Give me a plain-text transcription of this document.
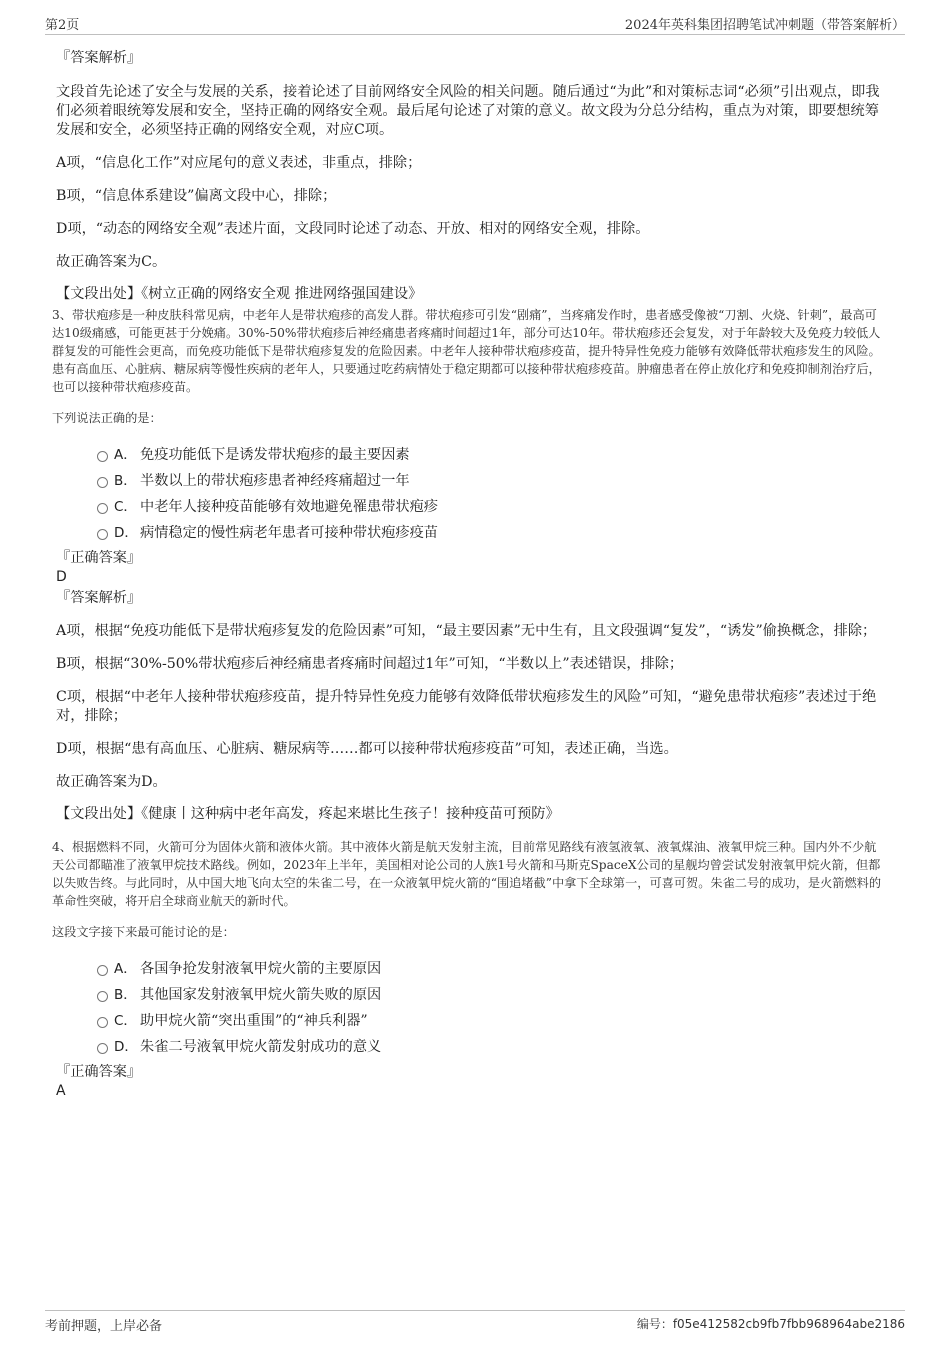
第2页	2024年英科集团招聘笔试冲刺题（带答案解析）

『答案解析』

文段首先论述了安全与发展的关系，接着论述了目前网络安全风险的相关问题。随后通过“为此”和对策标志词“必须”引出观点，即我们必须着眼统筹发展和安全，坚持正确的网络安全观。最后尾句论述了对策的意义。故文段为分总分结构，重点为对策，即要想统筹发展和安全，必须坚持正确的网络安全观，对应C项。

A项，“信息化工作”对应尾句的意义表述，非重点，排除；

B项，“信息体系建设”偏离文段中心，排除；

D项，“动态的网络安全观”表述片面，文段同时论述了动态、开放、相对的网络安全观，排除。

故正确答案为C。

【文段出处】《树立正确的网络安全观 推进网络强国建设》

3、带状疱疹是一种皮肤科常见病，中老年人是带状疱疹的高发人群。带状疱疹可引发“剧痛”，当疼痛发作时，患者感受像被“刀割、火烧、针刺”，最高可达10级痛感，可能更甚于分娩痛。30%-50%带状疱疹后神经痛患者疼痛时间超过1年，部分可达10年。带状疱疹还会复发，对于年龄较大及免疫力较低人群复发的可能性会更高，而免疫功能低下是带状疱疹复发的危险因素。中老年人接种带状疱疹疫苗，提升特异性免疫力能够有效降低带状疱疹发生的风险。患有高血压、心脏病、糖尿病等慢性疾病的老年人，只要通过吃药病情处于稳定期都可以接种带状疱疹疫苗。肿瘤患者在停止放化疗和免疫抑制剂治疗后，也可以接种带状疱疹疫苗。

下列说法正确的是：

A． 免疫功能低下是诱发带状疱疹的最主要因素
B． 半数以上的带状疱疹患者神经疼痛超过一年
C． 中老年人接种疫苗能够有效地避免罹患带状疱疹
D． 病情稳定的慢性病老年患者可接种带状疱疹疫苗

『正确答案』

D

『答案解析』

A项，根据“免疫功能低下是带状疱疹复发的危险因素”可知，“最主要因素”无中生有，且文段强调“复发”，“诱发”偷换概念，排除；

B项，根据“30%-50%带状疱疹后神经痛患者疼痛时间超过1年”可知，“半数以上”表述错误，排除；

C项，根据“中老年人接种带状疱疹疫苗，提升特异性免疫力能够有效降低带状疱疹发生的风险”可知，“避免患带状疱疹”表述过于绝对，排除；

D项，根据“患有高血压、心脏病、糖尿病等……都可以接种带状疱疹疫苗”可知，表述正确，当选。

故正确答案为D。

【文段出处】《健康丨这种病中老年高发，疼起来堪比生孩子！接种疫苗可预防》

4、根据燃料不同，火箭可分为固体火箭和液体火箭。其中液体火箭是航天发射主流，目前常见路线有液氢液氧、液氧煤油、液氧甲烷三种。国内外不少航天公司都瞄准了液氧甲烷技术路线。例如，2023年上半年，美国相对论公司的人族1号火箭和马斯克SpaceX公司的星舰均曾尝试发射液氧甲烷火箭，但都以失败告终。与此同时，从中国大地飞向太空的朱雀二号，在一众液氧甲烷火箭的“围追堵截”中拿下全球第一，可喜可贺。朱雀二号的成功，是火箭燃料的革命性突破，将开启全球商业航天的新时代。

这段文字接下来最可能讨论的是：

A． 各国争抢发射液氧甲烷火箭的主要原因
B． 其他国家发射液氧甲烷火箭失败的原因
C． 助甲烷火箭“突出重围”的“神兵利器”
D． 朱雀二号液氧甲烷火箭发射成功的意义

『正确答案』

A

考前押题，上岸必备	编号：f05e412582cb9fb7fbb968964abe2186
